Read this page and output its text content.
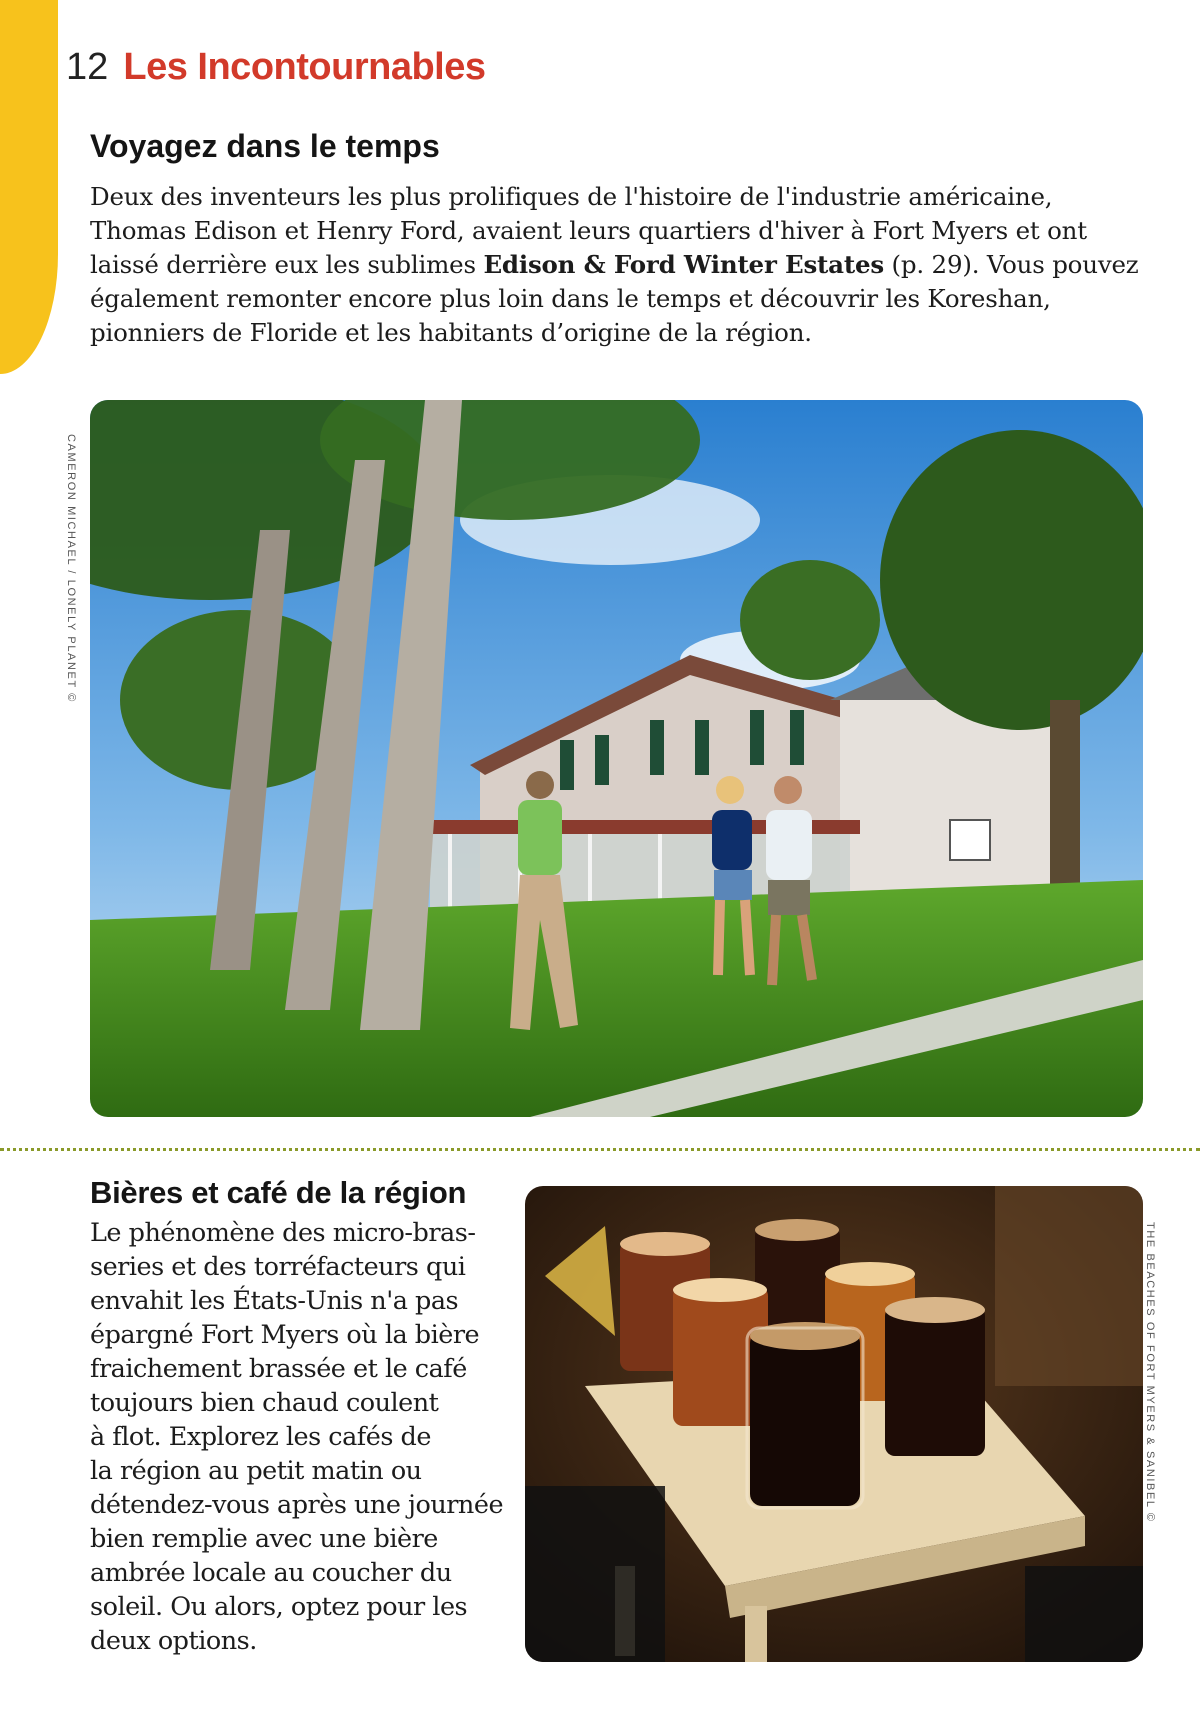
12 Les Incontournables
Voyagez dans le temps

Deux des inventeurs les plus prolifiques de l'histoire de l'industrie américaine,
Thomas Edison et Henry Ford, avaient leurs quartiers d'hiver à Fort Myers et ont
laissé derrière eux les sublimes Edison & Ford Winter Estates (p. 29). Vous pouvez
également remonter encore plus loin dans le temps et découvrir les Koreshan,
pionniers de Floride et les habitants d’origine de la région.

CAMERON MICHAEL / LONELY PLANET ©
Bières et café de la région

Le phénomène des micro-bras-
series et des torréfacteurs qui
envahit les États-Unis n'a pas
épargné Fort Myers où la bière
fraichement brassée et le café
toujours bien chaud coulent
à flot. Explorez les cafés de
la région au petit matin ou
détendez-vous après une journée
bien remplie avec une bière
ambrée locale au coucher du
soleil. Ou alors, optez pour les
deux options.

THE BEACHES OF FORT MYERS & SANIBEL ©
